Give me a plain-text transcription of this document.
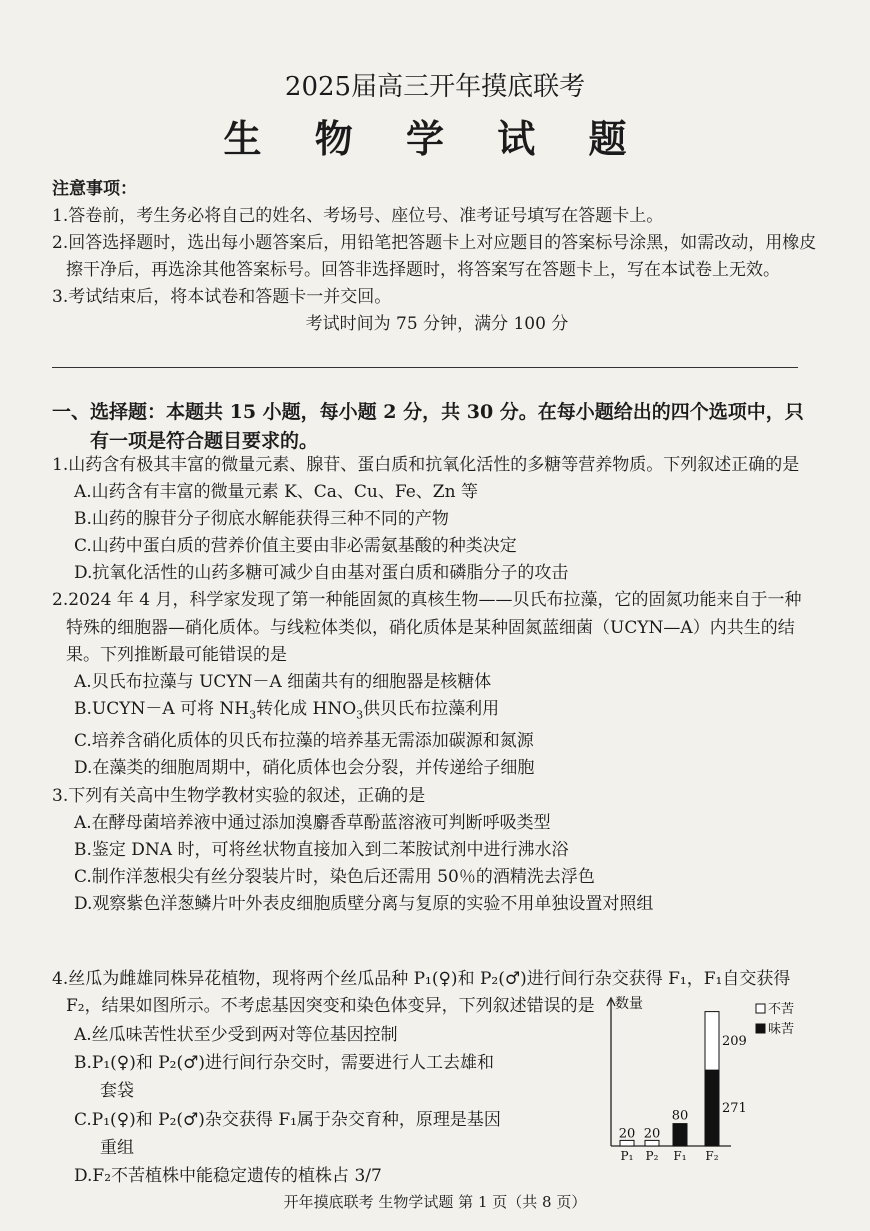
2025届高三开年摸底联考
生 物 学 试 题
注意事项：
1.答卷前，考生务必将自己的姓名、考场号、座位号、准考证号填写在答题卡上。
2.回答选择题时，选出每小题答案后，用铅笔把答题卡上对应题目的答案标号涂黑，如需改动，用橡皮擦干净后，再选涂其他答案标号。回答非选择题时，将答案写在答题卡上，写在本试卷上无效。
3.考试结束后，将本试卷和答题卡一并交回。
考试时间为 75 分钟，满分 100 分
一、选择题：本题共 15 小题，每小题 2 分，共 30 分。在每小题给出的四个选项中，只有一项是符合题目要求的。
1.山药含有极其丰富的微量元素、腺苷、蛋白质和抗氧化活性的多糖等营养物质。下列叙述正确的是
A.山药含有丰富的微量元素 K、Ca、Cu、Fe、Zn 等
B.山药的腺苷分子彻底水解能获得三种不同的产物
C.山药中蛋白质的营养价值主要由非必需氨基酸的种类决定
D.抗氧化活性的山药多糖可减少自由基对蛋白质和磷脂分子的攻击
2.2024 年 4 月，科学家发现了第一种能固氮的真核生物——贝氏布拉藻，它的固氮功能来自于一种特殊的细胞器—硝化质体。与线粒体类似，硝化质体是某种固氮蓝细菌（UCYN—A）内共生的结果。下列推断最可能错误的是
A.贝氏布拉藻与 UCYN－A 细菌共有的细胞器是核糖体
B.UCYN－A 可将 $NH_3$转化成 $HNO_3$供贝氏布拉藻利用
C.培养含硝化质体的贝氏布拉藻的培养基无需添加碳源和氮源
D.在藻类的细胞周期中，硝化质体也会分裂，并传递给子细胞
3.下列有关高中生物学教材实验的叙述，正确的是
A.在酵母菌培养液中通过添加溴麝香草酚蓝溶液可判断呼吸类型
B.鉴定 DNA 时，可将丝状物直接加入到二苯胺试剂中进行沸水浴
C.制作洋葱根尖有丝分裂装片时，染色后还需用 50％的酒精洗去浮色
D.观察紫色洋葱鳞片叶外表皮细胞质壁分离与复原的实验不用单独设置对照组
4.丝瓜为雌雄同株异花植物，现将两个丝瓜品种 P₁(♀)和 P₂(♂)进行间行杂交获得 F₁，F₁自交获得 F₂，结果如图所示。不考虑基因突变和染色体变异，下列叙述错误的是
A.丝瓜味苦性状至少受到两对等位基因控制
B.P₁(♀)和 P₂(♂)进行间行杂交时，需要进行人工去雄和
套袋
C.P₁(♀)和 P₂(♂)杂交获得 F₁属于杂交育种，原理是基因
重组
D.F₂不苦植株中能稳定遗传的植株占 3/7
数量
P₁ P₂ F₁ F₂
20 20
80
271
209
不苦
味苦
开年摸底联考 生物学试题 第 1 页（共 8 页）
